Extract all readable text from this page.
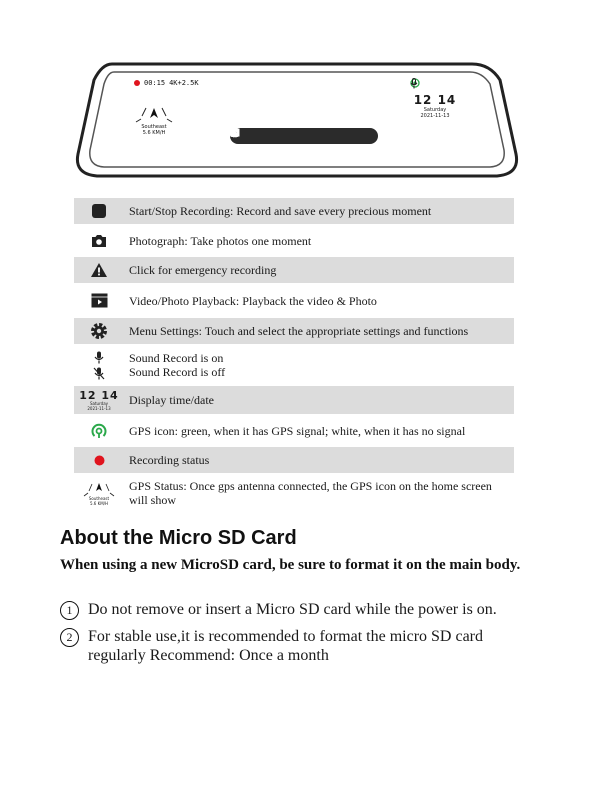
00:15 4K+2.5K
Southeast
5.6 KM/H
12 14
Saturday
2021-11-13
Start/Stop Recording: Record and save every precious moment
Photograph: Take photos one moment
Click for emergency recording
Video/Photo Playback: Playback the video & Photo
Menu Settings: Touch and select the appropriate settings and functions
Sound Record is on
Sound Record is off
12 14
Saturday
2021-11-13
Display time/date
GPS icon: green, when it has GPS signal; white, when it has no signal
Recording status
Southeast
5.6 KM/H
GPS Status: Once gps antenna connected, the GPS icon on the home screen will show
About the Micro SD Card
When using a new MicroSD card, be sure to format it on the main body.
1 Do not remove or insert a Micro SD card while the power is on.
2 For stable use,it is recommended to format the micro SD card regularly Recommend: Once a month
